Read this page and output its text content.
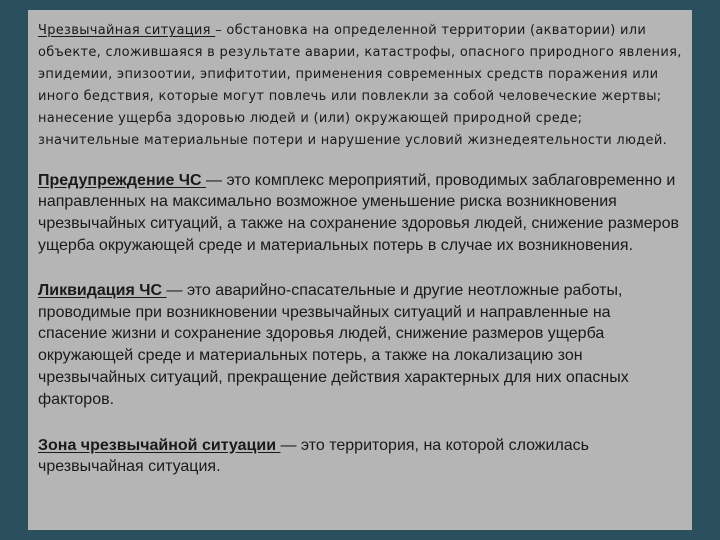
Чрезвычайная ситуация – обстановка на определенной территории (акватории) или объекте, сложившаяся в результате аварии, катастрофы, опасного природного явления, эпидемии, эпизоотии, эпифитотии, применения современных средств поражения или иного бедствия, которые могут повлечь или повлекли за собой человеческие жертвы; нанесение ущерба здоровью людей и (или) окружающей природной среде; значительные материальные потери и нарушение условий жизнедеятельности людей.

Предупреждение ЧС — это комплекс мероприятий, проводимых заблаговременно и направленных на максимально возможное уменьшение риска возникновения чрезвычайных ситуаций, а также на сохранение здоровья людей, снижение размеров ущерба окружающей среде и материальных потерь в случае их возникновения.

Ликвидация ЧС — это аварийно-спасательные и другие неотложные работы, проводимые при возникновении чрезвычайных ситуаций и направленные на спасение жизни и сохранение здоровья людей, снижение размеров ущерба окружающей среде и материальных потерь, а также на локализацию зон чрезвычайных ситуаций, прекращение действия характерных для них опасных факторов.

Зона чрезвычайной ситуации — это территория, на которой сложилась чрезвычайная ситуация.
